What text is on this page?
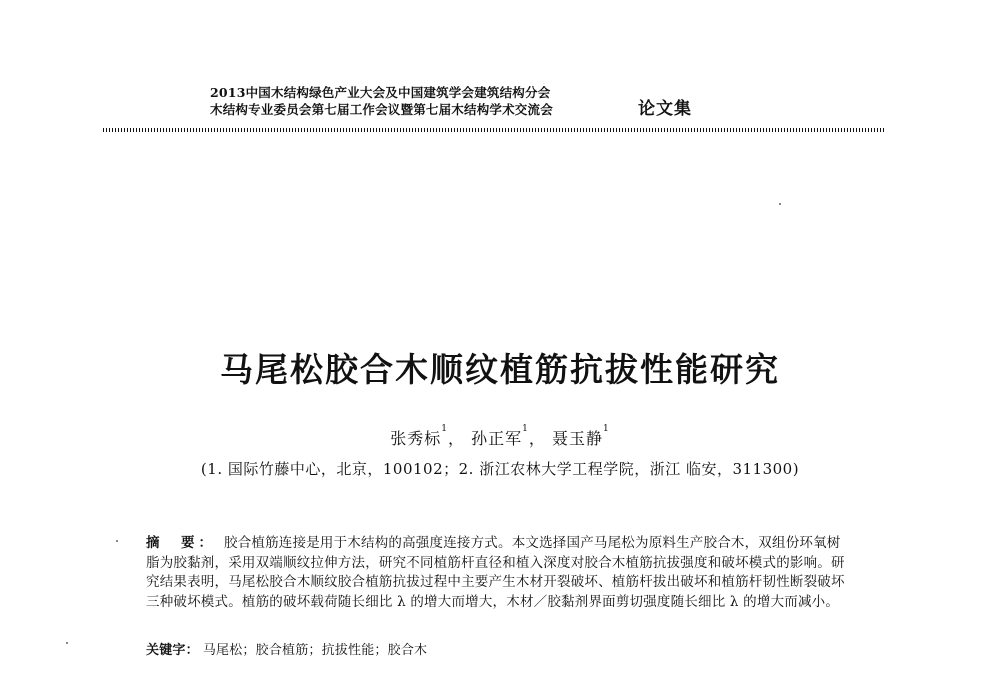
2013中国木结构绿色产业大会及中国建筑学会建筑结构分会
木结构专业委员会第七届工作会议暨第七届木结构学术交流会	论文集
马尾松胶合木顺纹植筋抗拔性能研究
张秀标$^1$， 孙正军$^1$， 聂玉静$^1$
(1. 国际竹藤中心，北京，100102；2. 浙江农林大学工程学院，浙江 临安，311300)
摘　要： 胶合植筋连接是用于木结构的高强度连接方式。本文选择国产马尾松为原料生产胶合木，双组份环氧树脂为胶黏剂，采用双端顺纹拉伸方法，研究不同植筋杆直径和植入深度对胶合木植筋抗拔强度和破坏模式的影响。研究结果表明，马尾松胶合木顺纹胶合植筋抗拔过程中主要产生木材开裂破坏、植筋杆拔出破坏和植筋杆韧性断裂破坏三种破坏模式。植筋的破坏载荷随长细比 λ 的增大而增大，木材／胶黏剂界面剪切强度随长细比 λ 的增大而减小。
关键字： 马尾松；胶合植筋；抗拔性能；胶合木
